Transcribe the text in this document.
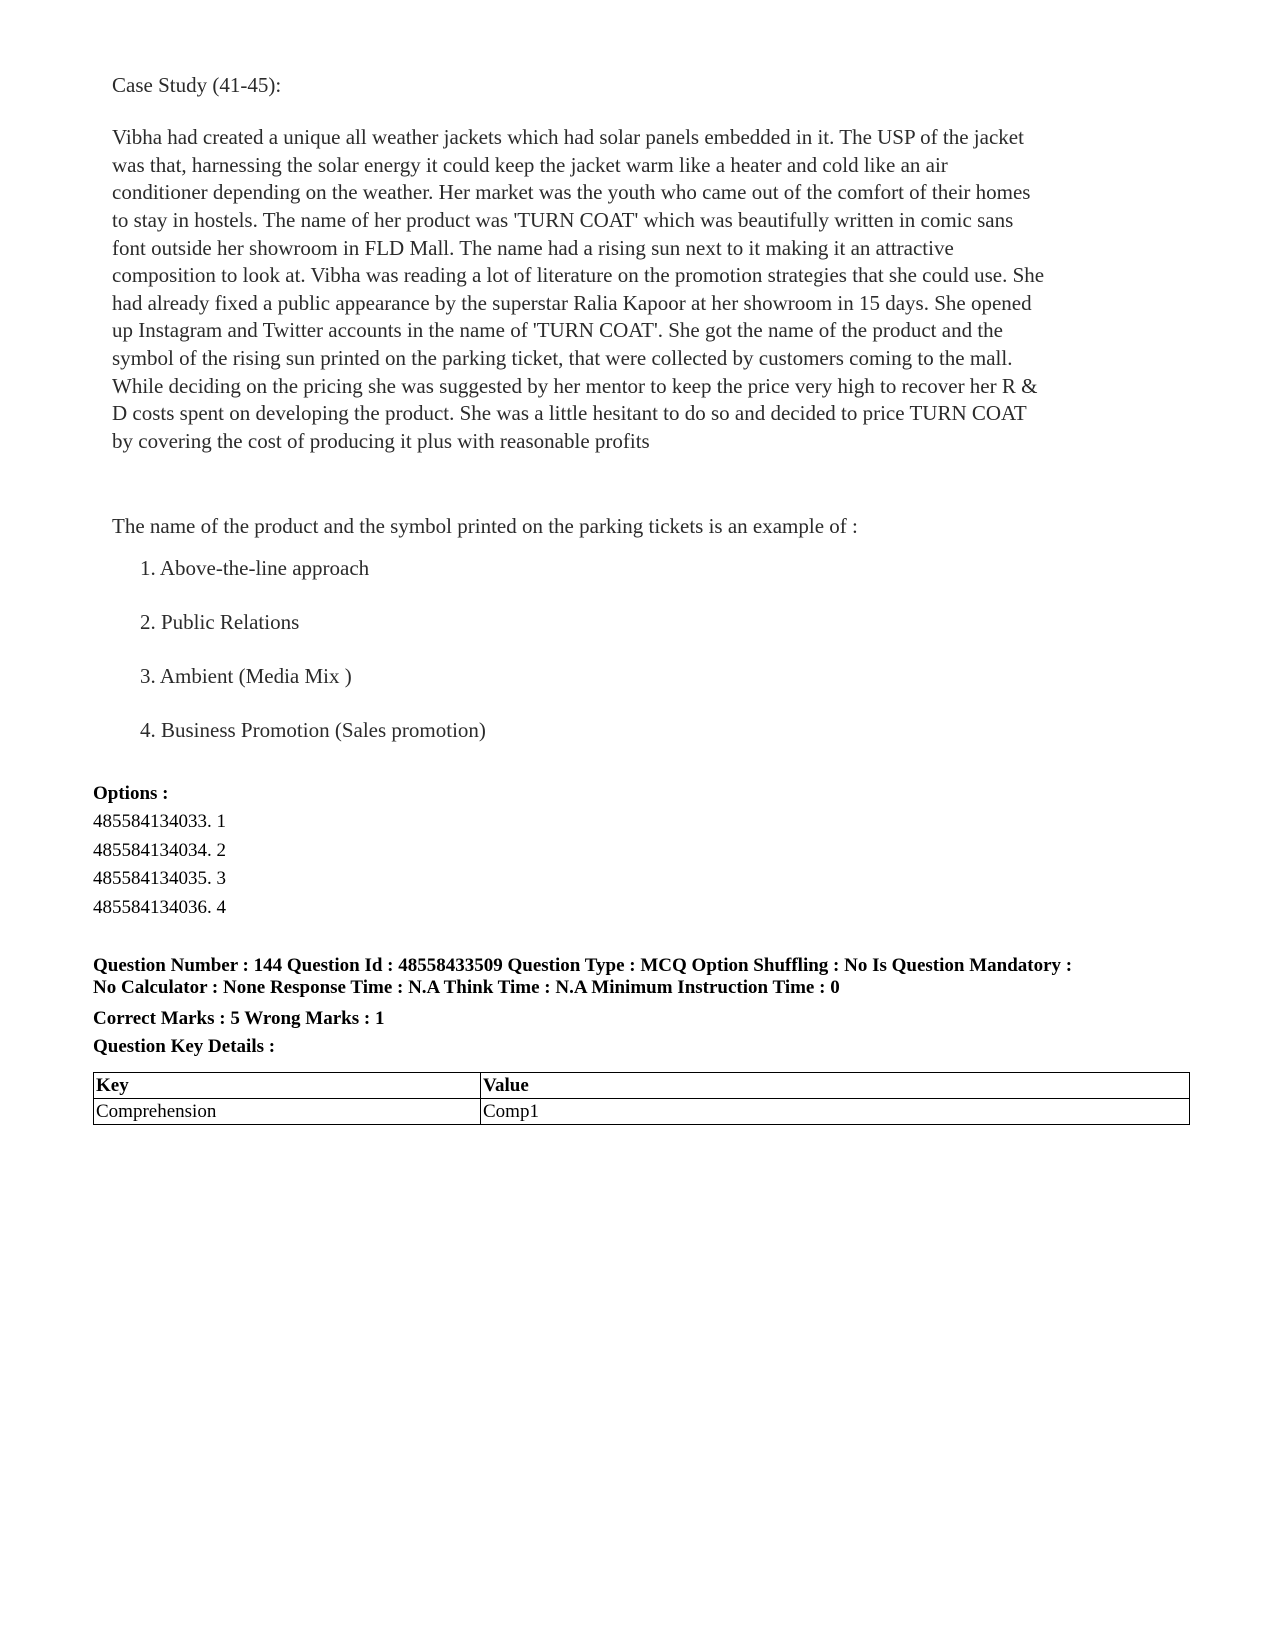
Case Study (41-45):

Vibha had created a unique all weather jackets which had solar panels embedded in it. The USP of the jacket
was that, harnessing the solar energy it could keep the jacket warm like a heater and cold like an air
conditioner depending on the weather. Her market was the youth who came out of the comfort of their homes
to stay in hostels. The name of her product was 'TURN COAT' which was beautifully written in comic sans
font outside her showroom in FLD Mall. The name had a rising sun next to it making it an attractive
composition to look at. Vibha was reading a lot of literature on the promotion strategies that she could use. She
had already fixed a public appearance by the superstar Ralia Kapoor at her showroom in 15 days. She opened
up Instagram and Twitter accounts in the name of 'TURN COAT'. She got the name of the product and the
symbol of the rising sun printed on the parking ticket, that were collected by customers coming to the mall.
While deciding on the pricing she was suggested by her mentor to keep the price very high to recover her R &
D costs spent on developing the product. She was a little hesitant to do so and decided to price TURN COAT
by covering the cost of producing it plus with reasonable profits

The name of the product and the symbol printed on the parking tickets is an example of :

1. Above-the-line approach
2. Public Relations
3. Ambient (Media Mix )
4. Business Promotion (Sales promotion)
Options :
485584134033. 1
485584134034. 2
485584134035. 3
485584134036. 4
Question Number : 144 Question Id : 48558433509 Question Type : MCQ Option Shuffling : No Is Question Mandatory :
No Calculator : None Response Time : N.A Think Time : N.A Minimum Instruction Time : 0
Correct Marks : 5 Wrong Marks : 1
Question Key Details :
Key	Value
Comprehension	Comp1
